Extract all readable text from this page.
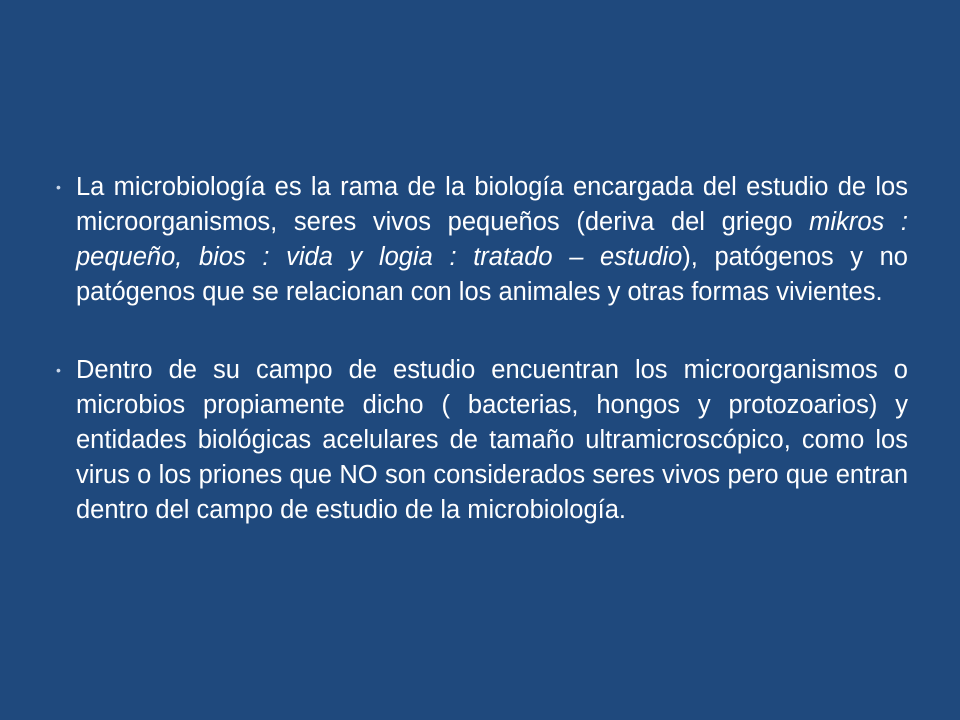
• La microbiología es la rama de la biología encargada del estudio de los microorganismos, seres vivos pequeños (deriva del griego mikros : pequeño, bios : vida y logia : tratado – estudio), patógenos y no patógenos que se relacionan con los animales y otras formas vivientes.
• Dentro de su campo de estudio encuentran los microorganismos o microbios propiamente dicho ( bacterias, hongos y protozoarios) y entidades biológicas acelulares de tamaño ultramicroscópico, como los virus o los priones que NO son considerados seres vivos pero que entran dentro del campo de estudio de la microbiología.
